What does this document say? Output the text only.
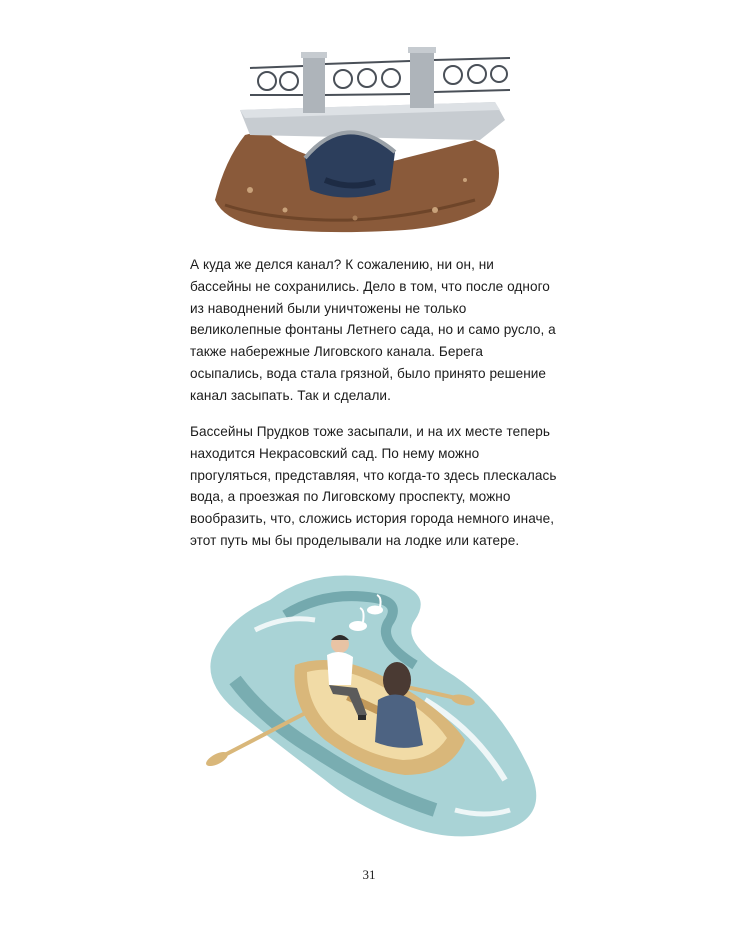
А куда же делся канал? К сожалению, ни он, ни бассейны не сохранились. Дело в том, что после одного из наводнений были уничтожены не только великолепные фонтаны Летнего сада, но и само русло, а также набережные Лиговского канала. Берега осыпались, вода стала грязной, было принято решение канал засыпать. Так и сделали.

Бассейны Прудков тоже засыпали, и на их месте теперь находится Некрасовский сад. По нему можно прогуляться, представляя, что когда-то здесь плескалась вода, а проезжая по Лиговскому проспекту, можно вообразить, что, сложись история города немного иначе, этот путь мы бы проделывали на лодке или катере.

31
